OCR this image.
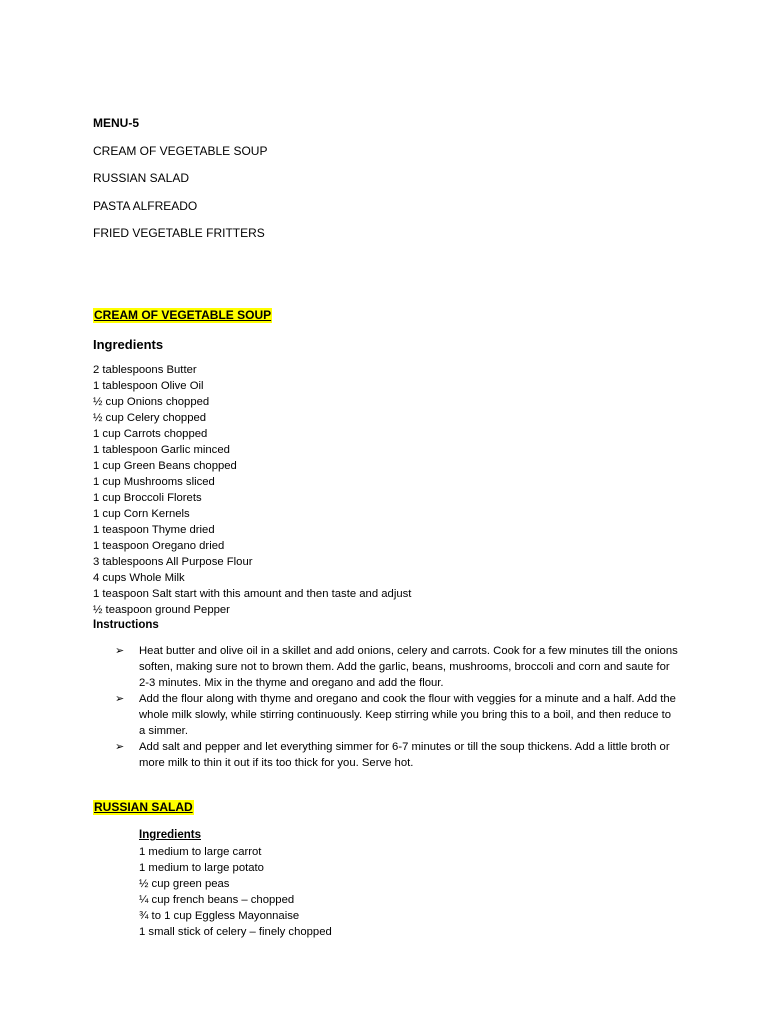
MENU-5
CREAM OF VEGETABLE SOUP
RUSSIAN SALAD
PASTA ALFREADO
FRIED VEGETABLE FRITTERS
CREAM OF VEGETABLE SOUP
Ingredients
2 tablespoons Butter
1 tablespoon Olive Oil
½ cup Onions chopped
½ cup Celery chopped
1 cup Carrots chopped
1 tablespoon Garlic minced
1 cup Green Beans chopped
1 cup Mushrooms sliced
1 cup Broccoli Florets
1 cup Corn Kernels
1 teaspoon Thyme dried
1 teaspoon Oregano dried
3 tablespoons All Purpose Flour
4 cups Whole Milk
1 teaspoon Salt start with this amount and then taste and adjust
½ teaspoon ground Pepper
Instructions
➢ Heat butter and olive oil in a skillet and add onions, celery and carrots. Cook for a few minutes till the onions soften, making sure not to brown them. Add the garlic, beans, mushrooms, broccoli and corn and saute for 2-3 minutes. Mix in the thyme and oregano and add the flour.
➢ Add the flour along with thyme and oregano and cook the flour with veggies for a minute and a half. Add the whole milk slowly, while stirring continuously. Keep stirring while you bring this to a boil, and then reduce to a simmer.
➢ Add salt and pepper and let everything simmer for 6-7 minutes or till the soup thickens. Add a little broth or more milk to thin it out if its too thick for you. Serve hot.
RUSSIAN SALAD
Ingredients
1 medium to large carrot
1 medium to large potato
½ cup green peas
¼ cup french beans – chopped
¾ to 1 cup Eggless Mayonnaise
1 small stick of celery – finely chopped
